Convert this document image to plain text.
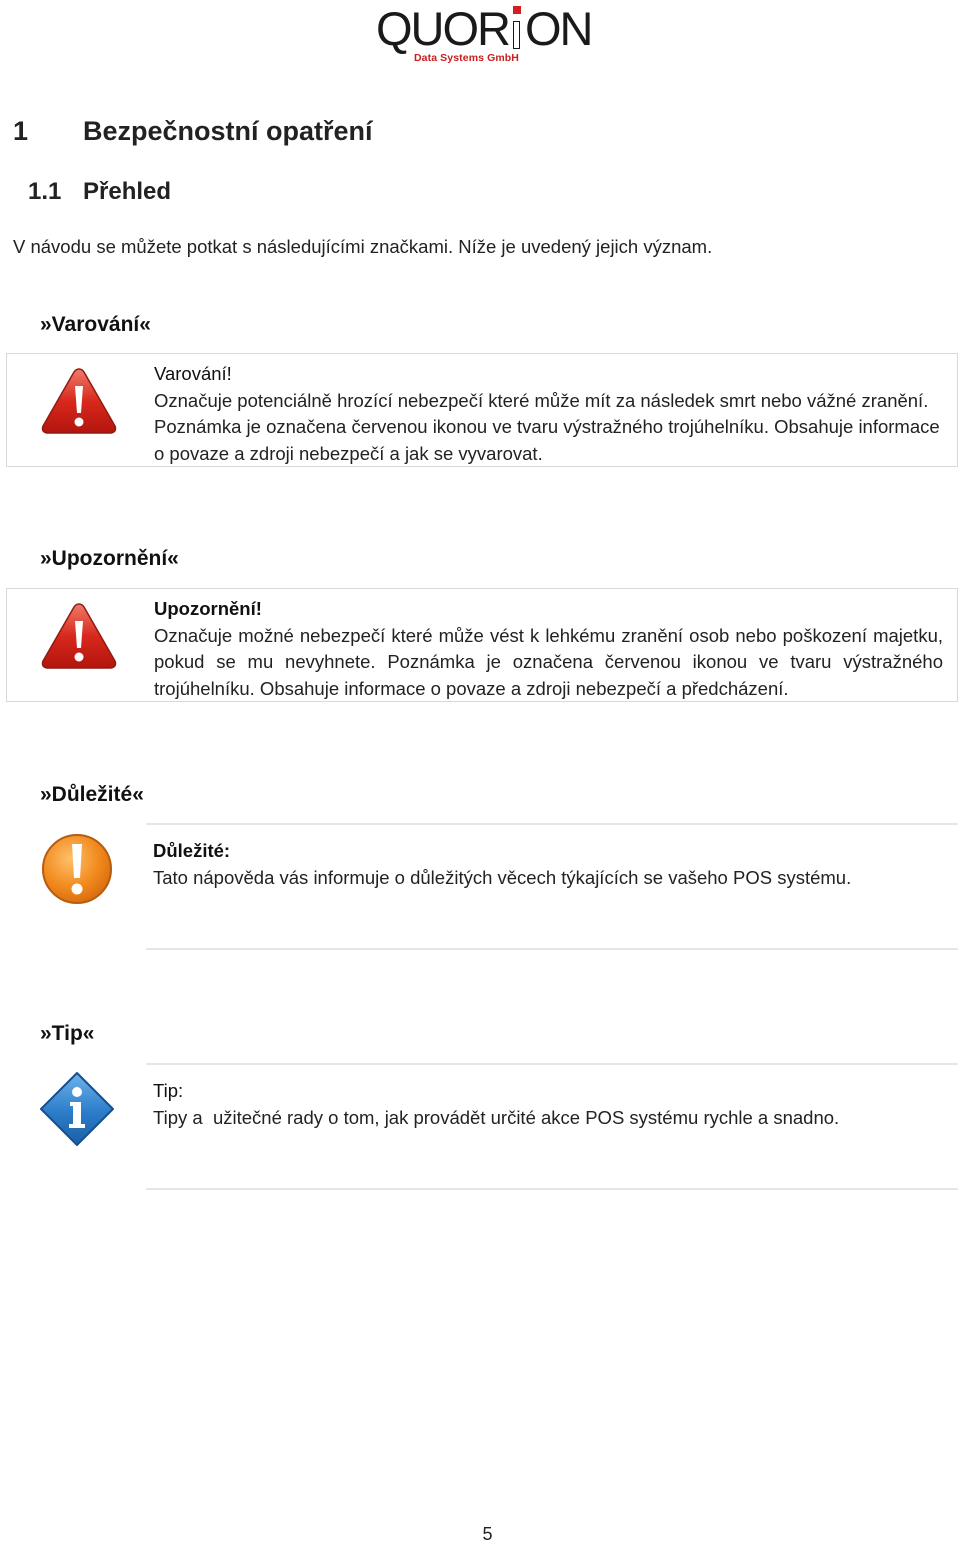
QUOR ON
Data Systems GmbH
1 Bezpečnostní opatření
1.1 Přehled
V návodu se můžete potkat s následujícími značkami. Níže je uvedený jejich význam.
»Varování«
Varování!
Označuje potenciálně hrozící nebezpečí které může mít za následek smrt nebo vážné zranění. Poznámka je označena červenou ikonou ve tvaru výstražného trojúhelníku. Obsahuje informace o povaze a zdroji nebezpečí a jak se vyvarovat.
»Upozornění«
Upozornění!
Označuje možné nebezpečí které může vést k lehkému zranění osob nebo poškození majetku, pokud se mu nevyhnete. Poznámka je označena červenou ikonou ve tvaru výstražného trojúhelníku. Obsahuje informace o povaze a zdroji nebezpečí a předcházení.
»Důležité«
Důležité:
Tato nápověda vás informuje o důležitých věcech týkajících se vašeho POS systému.
»Tip«
Tip:
Tipy a  užitečné rady o tom, jak provádět určité akce POS systému rychle a snadno.
5
